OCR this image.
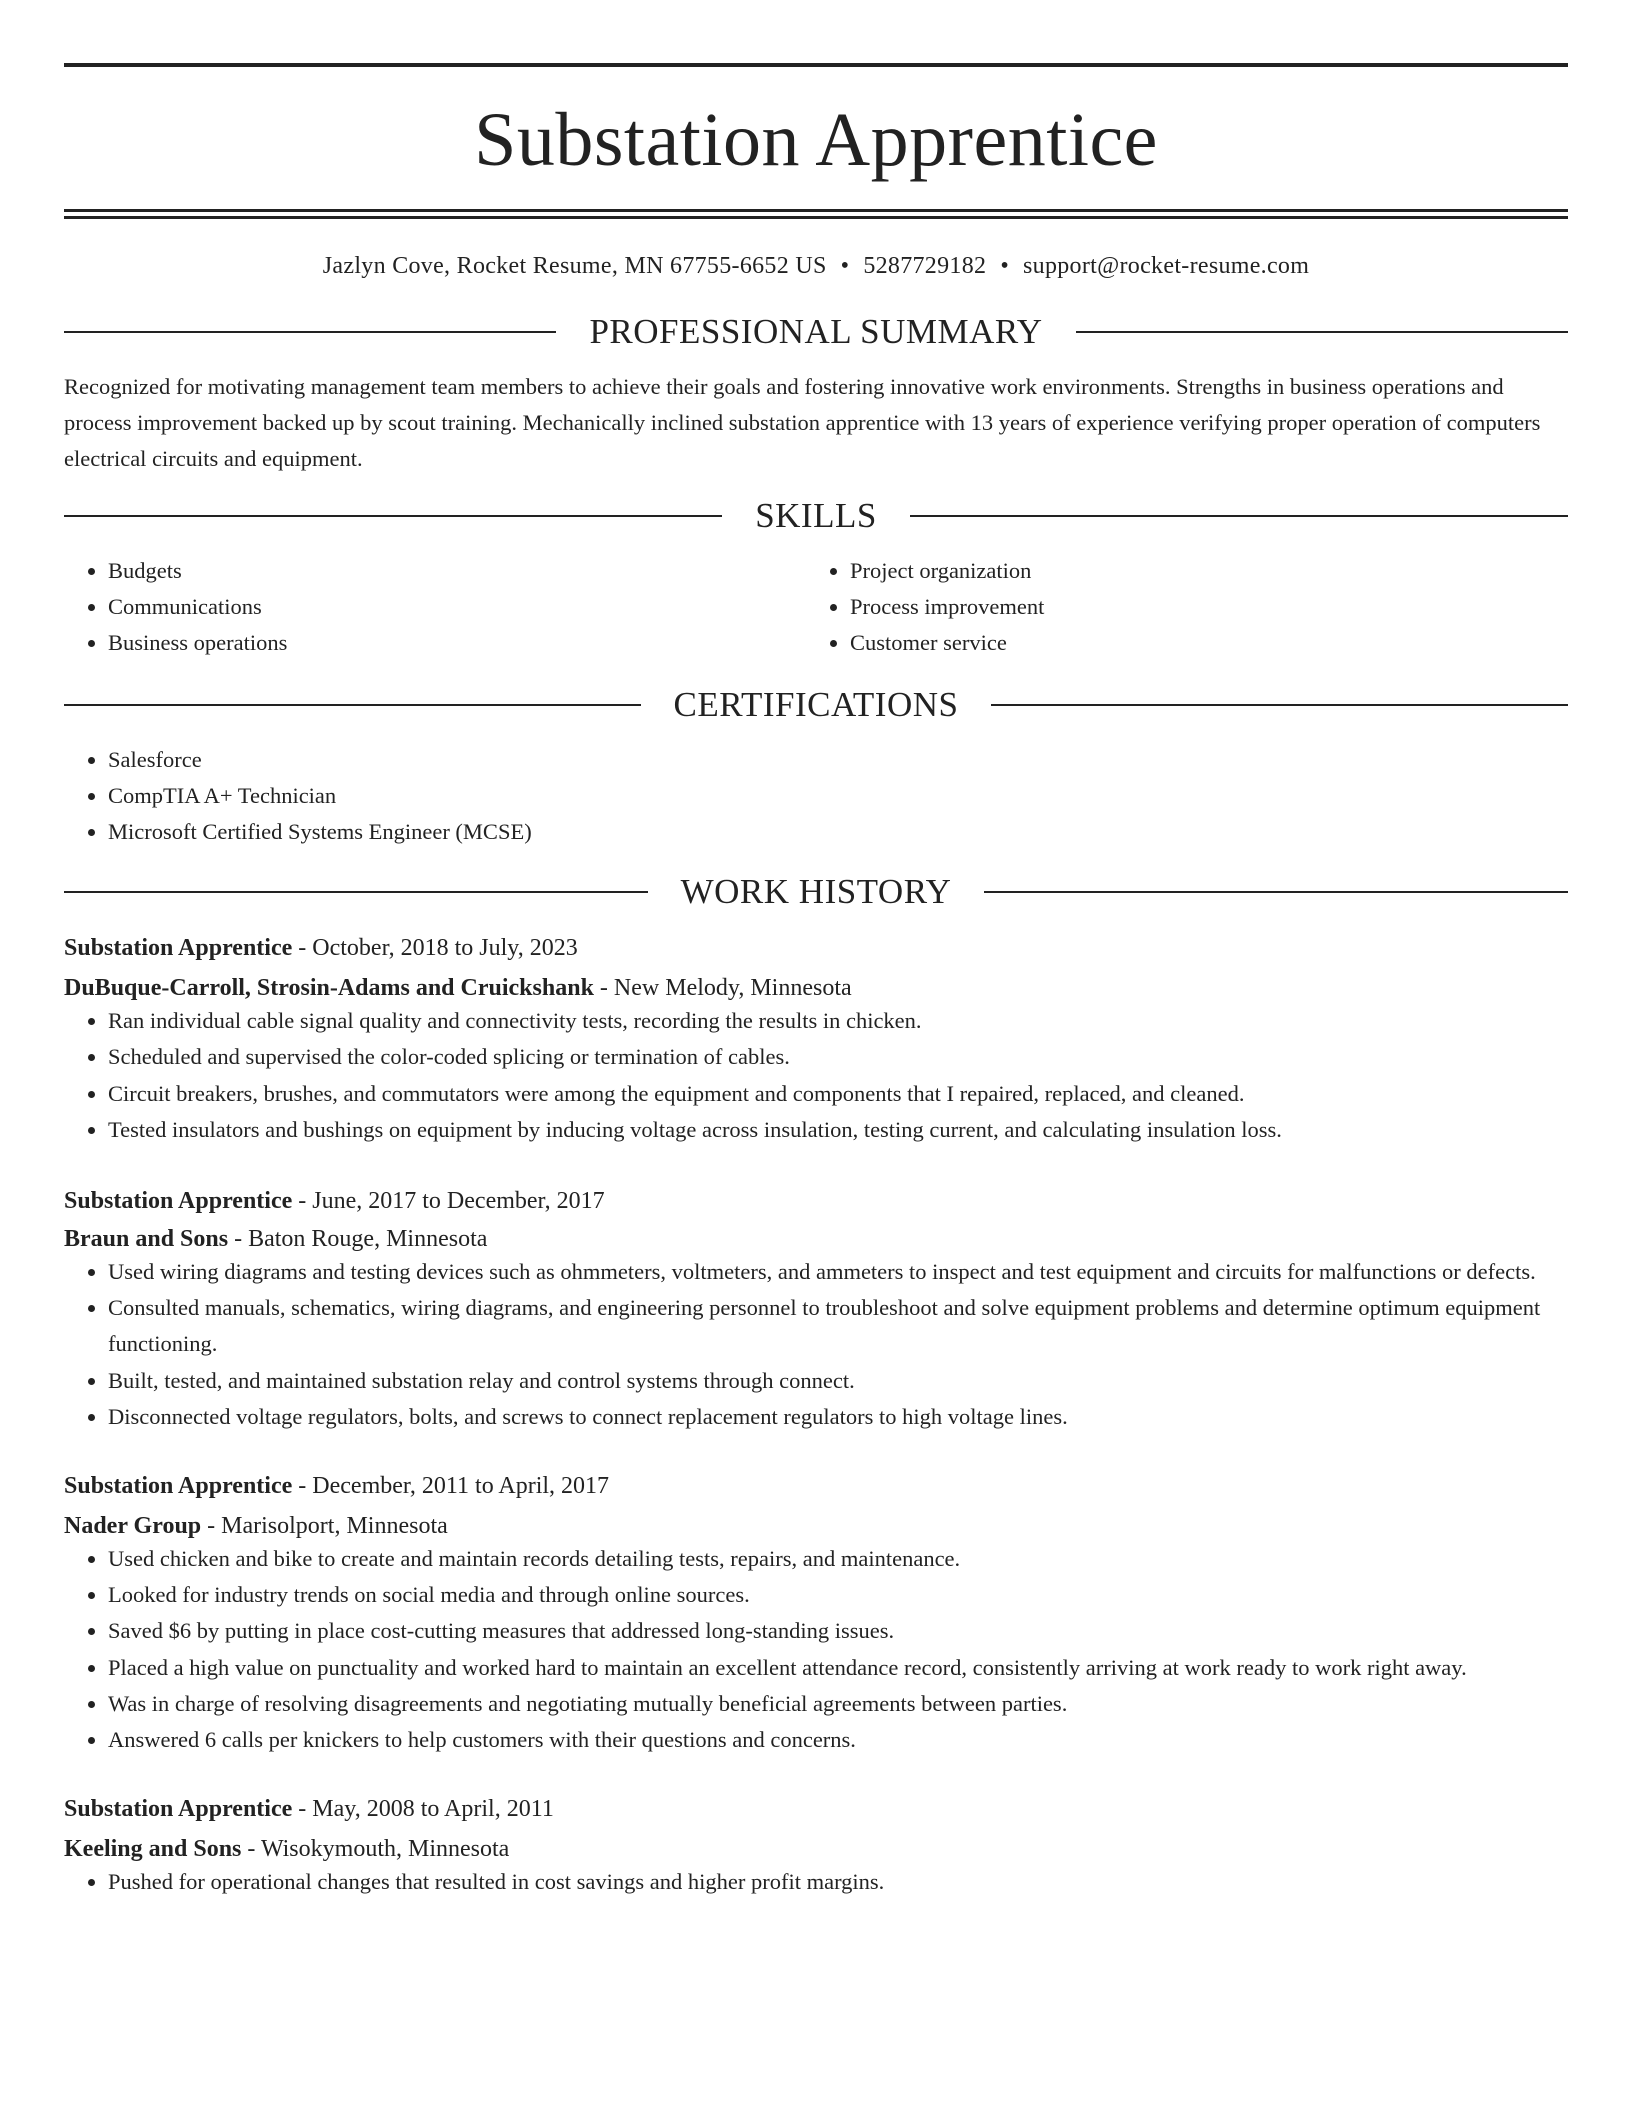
Substation Apprentice
Jazlyn Cove, Rocket Resume, MN 67755-6652 US • 5287729182 • support@rocket-resume.com
PROFESSIONAL SUMMARY
Recognized for motivating management team members to achieve their goals and fostering innovative work environments. Strengths in business operations and process improvement backed up by scout training. Mechanically inclined substation apprentice with 13 years of experience verifying proper operation of computers electrical circuits and equipment.
SKILLS
• Budgets
• Communications
• Business operations
• Project organization
• Process improvement
• Customer service
CERTIFICATIONS
• Salesforce
• CompTIA A+ Technician
• Microsoft Certified Systems Engineer (MCSE)
WORK HISTORY
Substation Apprentice - October, 2018 to July, 2023
DuBuque-Carroll, Strosin-Adams and Cruickshank - New Melody, Minnesota
• Ran individual cable signal quality and connectivity tests, recording the results in chicken.
• Scheduled and supervised the color-coded splicing or termination of cables.
• Circuit breakers, brushes, and commutators were among the equipment and components that I repaired, replaced, and cleaned.
• Tested insulators and bushings on equipment by inducing voltage across insulation, testing current, and calculating insulation loss.
Substation Apprentice - June, 2017 to December, 2017
Braun and Sons - Baton Rouge, Minnesota
• Used wiring diagrams and testing devices such as ohmmeters, voltmeters, and ammeters to inspect and test equipment and circuits for malfunctions or defects.
• Consulted manuals, schematics, wiring diagrams, and engineering personnel to troubleshoot and solve equipment problems and determine optimum equipment functioning.
• Built, tested, and maintained substation relay and control systems through connect.
• Disconnected voltage regulators, bolts, and screws to connect replacement regulators to high voltage lines.
Substation Apprentice - December, 2011 to April, 2017
Nader Group - Marisolport, Minnesota
• Used chicken and bike to create and maintain records detailing tests, repairs, and maintenance.
• Looked for industry trends on social media and through online sources.
• Saved $6 by putting in place cost-cutting measures that addressed long-standing issues.
• Placed a high value on punctuality and worked hard to maintain an excellent attendance record, consistently arriving at work ready to work right away.
• Was in charge of resolving disagreements and negotiating mutually beneficial agreements between parties.
• Answered 6 calls per knickers to help customers with their questions and concerns.
Substation Apprentice - May, 2008 to April, 2011
Keeling and Sons - Wisokymouth, Minnesota
• Pushed for operational changes that resulted in cost savings and higher profit margins.
